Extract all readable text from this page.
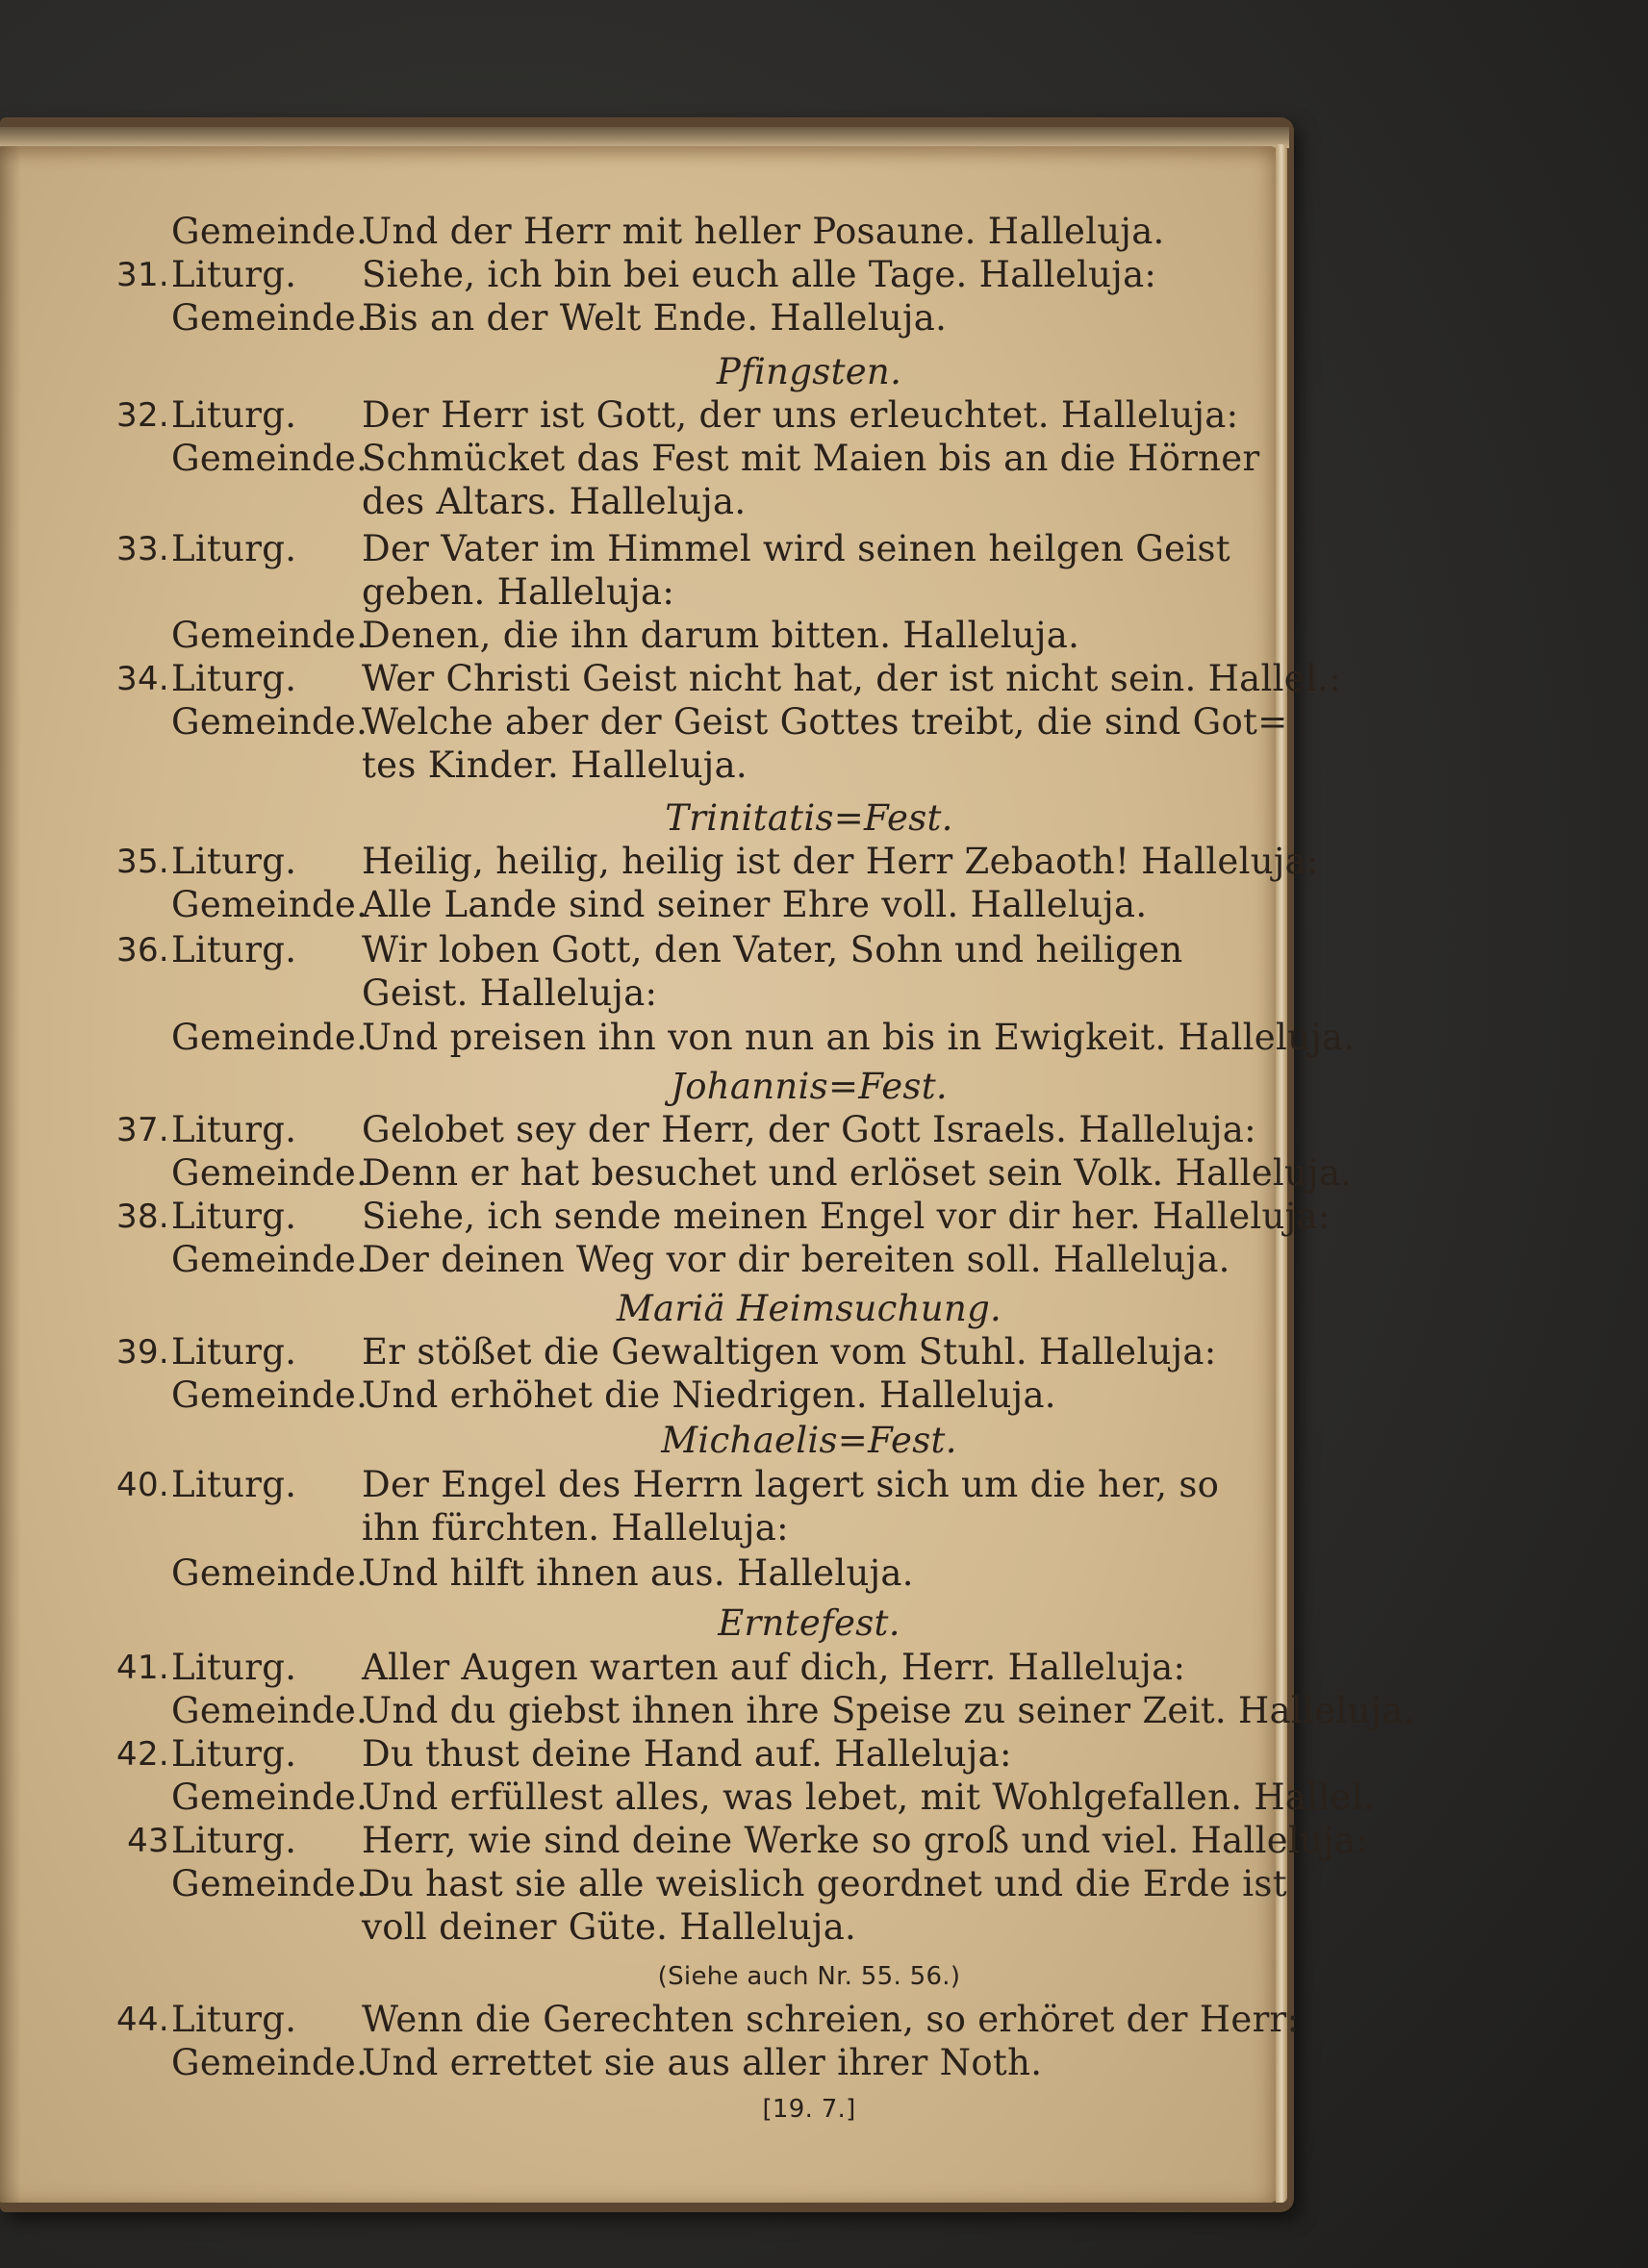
Gemeinde.
Und der Herr mit heller Posaune. Halleluja.
31. Liturg. Siehe, ich bin bei euch alle Tage. Halleluja:
Gemeinde.
Bis an der Welt Ende. Halleluja.
Pfingsten.
32. Liturg. Der Herr ist Gott, der uns erleuchtet. Halleluja:
Gemeinde.
Schmücket das Fest mit Maien bis an die Hörner
des Altars. Halleluja.
33. Liturg. Der Vater im Himmel wird seinen heilgen Geist
geben. Halleluja:
Gemeinde.
Denen, die ihn darum bitten. Halleluja.
34. Liturg. Wer Christi Geist nicht hat, der ist nicht sein. Hallel.:
Gemeinde.
Welche aber der Geist Gottes treibt, die sind Got=
tes Kinder. Halleluja.
Trinitatis=Fest.
35. Liturg. Heilig, heilig, heilig ist der Herr Zebaoth! Halleluja:
Gemeinde.
Alle Lande sind seiner Ehre voll. Halleluja.
36. Liturg. Wir loben Gott, den Vater, Sohn und heiligen
Geist. Halleluja:
Gemeinde.
Und preisen ihn von nun an bis in Ewigkeit. Halleluja.
Johannis=Fest.
37. Liturg. Gelobet sey der Herr, der Gott Israels. Halleluja:
Gemeinde.
Denn er hat besuchet und erlöset sein Volk. Halleluja.
38. Liturg. Siehe, ich sende meinen Engel vor dir her. Halleluja:
Gemeinde.
Der deinen Weg vor dir bereiten soll. Halleluja.
Mariä Heimsuchung.
39. Liturg. Er stößet die Gewaltigen vom Stuhl. Halleluja:
Gemeinde.
Und erhöhet die Niedrigen. Halleluja.
Michaelis=Fest.
40. Liturg. Der Engel des Herrn lagert sich um die her, so
ihn fürchten. Halleluja:
Gemeinde.
Und hilft ihnen aus. Halleluja.
Erntefest.
41. Liturg. Aller Augen warten auf dich, Herr. Halleluja:
Gemeinde.
Und du giebst ihnen ihre Speise zu seiner Zeit. Halleluja.
42. Liturg. Du thust deine Hand auf. Halleluja:
Gemeinde.
Und erfüllest alles, was lebet, mit Wohlgefallen. Hallel.
43 Liturg. Herr, wie sind deine Werke so groß und viel. Halleluja:
Gemeinde.
Du hast sie alle weislich geordnet und die Erde ist
voll deiner Güte. Halleluja.
(Siehe auch Nr. 55. 56.)
44. Liturg. Wenn die Gerechten schreien, so erhöret der Herr:
Gemeinde.
Und errettet sie aus aller ihrer Noth.
[19. 7.]
